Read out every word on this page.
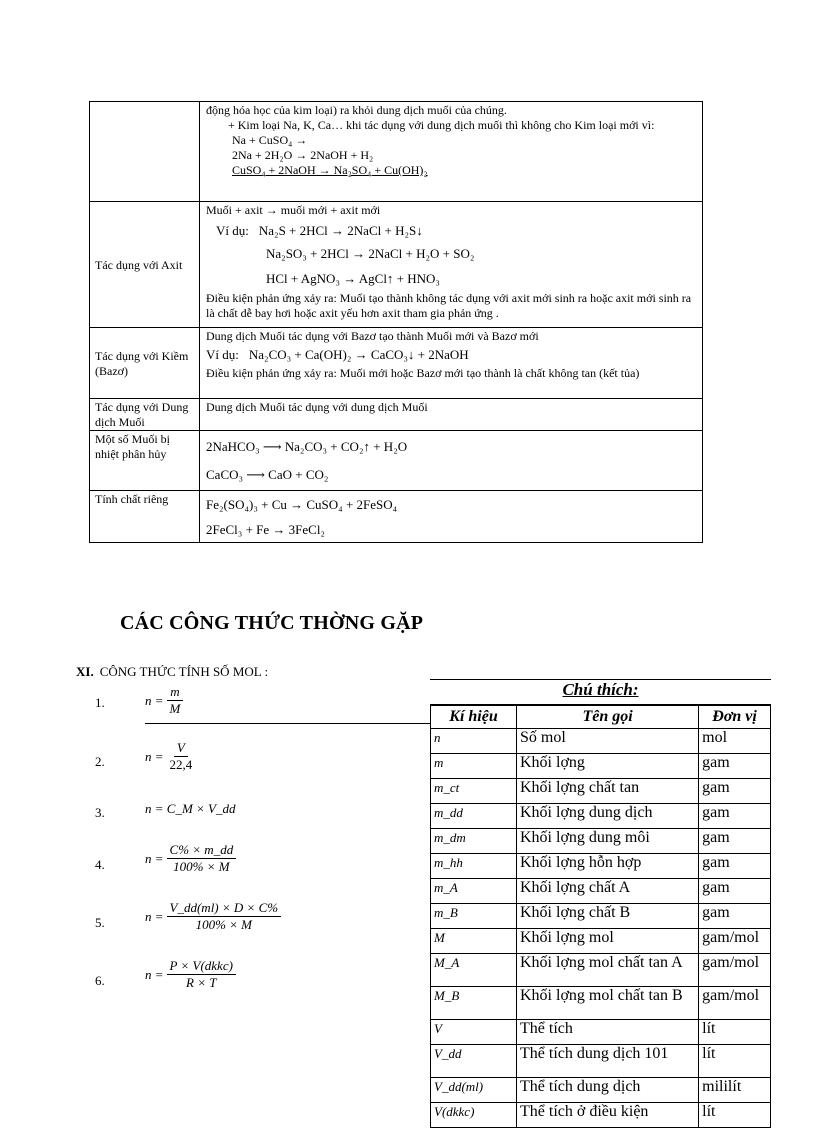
	động hóa học của kim loại) ra khỏi dung dịch muối của chúng.
+ Kim loại Na, K, Ca… khi tác dụng với dung dịch muối thì không cho Kim loại mới vì:
Na + CuSO₄ →
2Na + 2H₂O → 2NaOH + H₂
CuSO₄ + 2NaOH → Na₂SO₄ + Cu(OH)₂

Tác dụng với Axit	Muối + axit → muối mới + axit mới
Ví dụ: Na₂S + 2HCl → 2NaCl + H₂S↓
Na₂SO₃ + 2HCl → 2NaCl + H₂O + SO₂
HCl + AgNO₃ → AgCl↑ + HNO₃
Điều kiện phản ứng xảy ra: Muối tạo thành không tác dụng với axit mới sinh ra hoặc axit mới sinh ra là chất dễ bay hơi hoặc axit yếu hơn axit tham gia phản ứng .

Tác dụng với Kiềm (Bazơ)	Dung dịch Muối tác dụng với Bazơ tạo thành Muối mới và Bazơ mới
Ví dụ: Na₂CO₃ + Ca(OH)₂ → CaCO₃↓ + 2NaOH
Điều kiện phản ứng xảy ra: Muối mới hoặc Bazơ mới tạo thành là chất không tan (kết tủa)

Tác dụng với Dung dịch Muối	Dung dịch Muối tác dụng với dung dịch Muối

Một số Muối bị nhiệt phân hủy	2NaHCO₃ ⟶ Na₂CO₃ + CO₂↑ + H₂O
CaCO₃ ⟶ CaO + CO₂

Tính chất riêng	Fe₂(SO₄)₃ + Cu → CuSO₄ + 2FeSO₄
2FeCl₃ + Fe → 3FeCl₂
CÁC CÔNG THỨC THỜNG GẶP
XI. CÔNG THỨC TÍNH SỐ MOL :
1.	$n = \frac{m}{M}$
2.	$n = \frac{V}{22,4}$
3.	n = C_M × V_dd
4.	$n = \frac{C\% \times m\_dd}{100\% \times M}$
5.	$n = \frac{V\_dd(ml) \times D \times C\%}{100\% \times M}$
6.	$n = \frac{\text{P × V(dkkc)}}{R \times T}$
Chú thích:
Kí hiệu	Tên gọi	Đơn vị
n	Số mol	mol
m	Khối lợng	gam
m_ct	Khối lợng chất tan	gam
m_dd	Khối lợng dung dịch	gam
m_dm	Khối lợng dung môi	gam
m_hh	Khối lợng hỗn hợp	gam
m_A	Khối lợng chất A	gam
m_B	Khối lợng chất B	gam
M	Khối lợng mol	gam/mol
M_A	Khối lợng mol chất tan A	gam/mol
M_B	Khối lợng mol chất tan B	gam/mol
V	Thể tích	lít
V_dd	Thể tích dung dịch 101	lít
V_dd(ml)	Thể tích dung dịch	mililít
V(dkkc)	Thể tích ở điều kiện	lít
